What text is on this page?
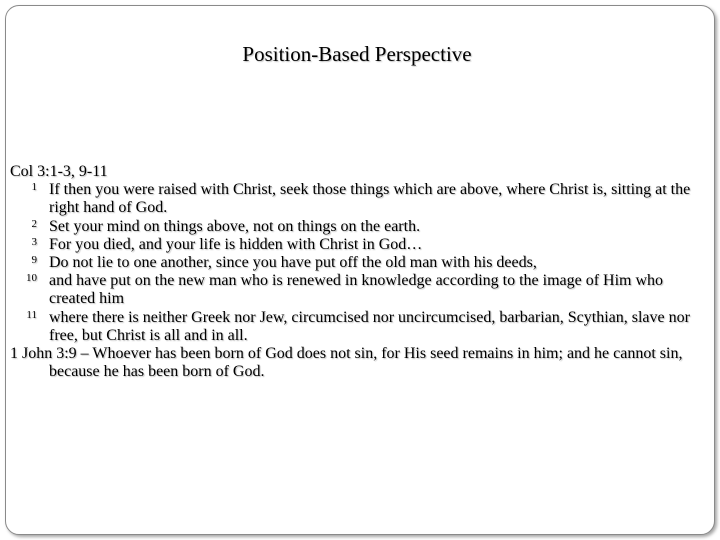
Position-Based Perspective

Col 3:1-3, 9-11

1 If then you were raised with Christ, seek those things which are above, where Christ is, sitting at the right hand of God.

2 Set your mind on things above, not on things on the earth.

3 For you died, and your life is hidden with Christ in God…

9 Do not lie to one another, since you have put off the old man with his deeds,

10 and have put on the new man who is renewed in knowledge according to the image of Him who created him

11 where there is neither Greek nor Jew, circumcised nor uncircumcised, barbarian, Scythian, slave nor free, but Christ is all and in all.

1 John 3:9 – Whoever has been born of God does not sin, for His seed remains in him; and he cannot sin, because he has been born of God.
